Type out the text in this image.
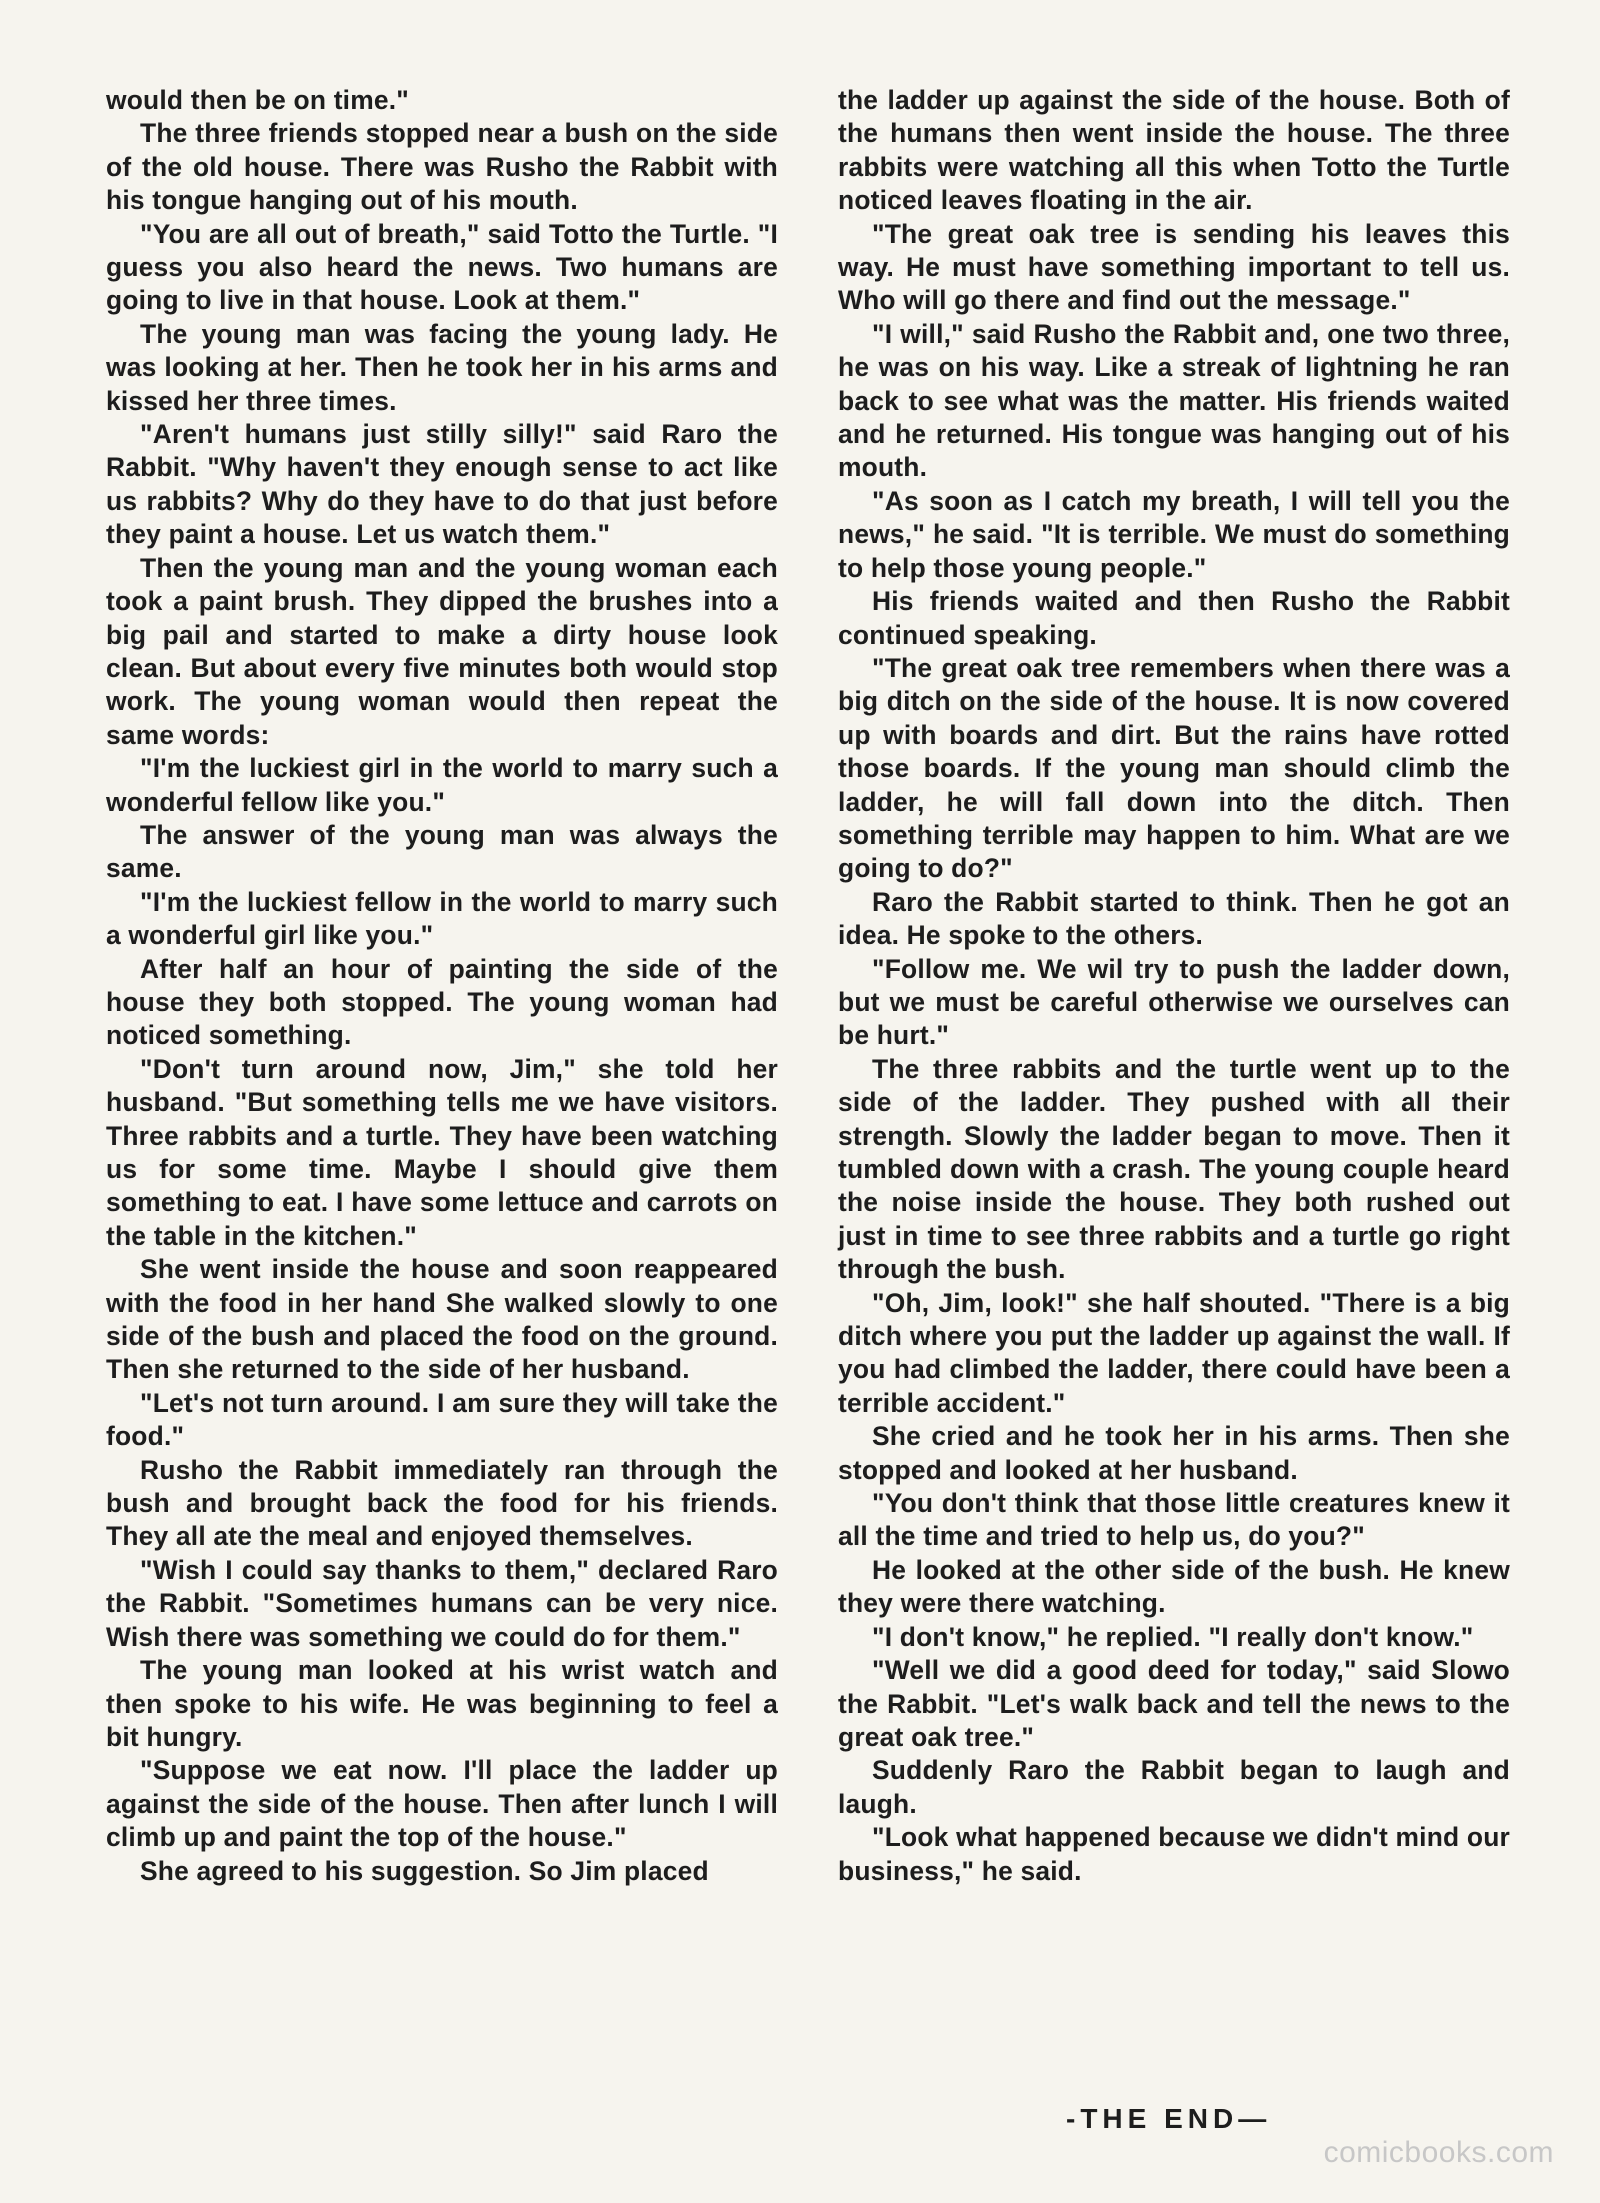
would then be on time."

The three friends stopped near a bush on the side of the old house. There was Rusho the Rabbit with his tongue hanging out of his mouth.

"You are all out of breath," said Totto the Turtle. "I guess you also heard the news. Two humans are going to live in that house. Look at them."

The young man was facing the young lady. He was looking at her. Then he took her in his arms and kissed her three times.

"Aren't humans just stilly silly!" said Raro the Rabbit. "Why haven't they enough sense to act like us rabbits? Why do they have to do that just before they paint a house. Let us watch them."

Then the young man and the young woman each took a paint brush. They dipped the brushes into a big pail and started to make a dirty house look clean. But about every five minutes both would stop work. The young woman would then repeat the same words:

"I'm the luckiest girl in the world to marry such a wonderful fellow like you."

The answer of the young man was always the same.

"I'm the luckiest fellow in the world to marry such a wonderful girl like you."

After half an hour of painting the side of the house they both stopped. The young woman had noticed something.

"Don't turn around now, Jim," she told her husband. "But something tells me we have visitors. Three rabbits and a turtle. They have been watching us for some time. Maybe I should give them something to eat. I have some lettuce and carrots on the table in the kitchen."

She went inside the house and soon reappeared with the food in her hand She walked slowly to one side of the bush and placed the food on the ground. Then she returned to the side of her husband.

"Let's not turn around. I am sure they will take the food."

Rusho the Rabbit immediately ran through the bush and brought back the food for his friends. They all ate the meal and enjoyed themselves.

"Wish I could say thanks to them," declared Raro the Rabbit. "Sometimes humans can be very nice. Wish there was something we could do for them."

The young man looked at his wrist watch and then spoke to his wife. He was beginning to feel a bit hungry.

"Suppose we eat now. I'll place the ladder up against the side of the house. Then after lunch I will climb up and paint the top of the house."

She agreed to his suggestion. So Jim placed

the ladder up against the side of the house. Both of the humans then went inside the house. The three rabbits were watching all this when Totto the Turtle noticed leaves floating in the air.

"The great oak tree is sending his leaves this way. He must have something important to tell us. Who will go there and find out the message."

"I will," said Rusho the Rabbit and, one two three, he was on his way. Like a streak of lightning he ran back to see what was the matter. His friends waited and he returned. His tongue was hanging out of his mouth.

"As soon as I catch my breath, I will tell you the news," he said. "It is terrible. We must do something to help those young people."

His friends waited and then Rusho the Rabbit continued speaking.

"The great oak tree remembers when there was a big ditch on the side of the house. It is now covered up with boards and dirt. But the rains have rotted those boards. If the young man should climb the ladder, he will fall down into the ditch. Then something terrible may happen to him. What are we going to do?"

Raro the Rabbit started to think. Then he got an idea. He spoke to the others.

"Follow me. We wil try to push the ladder down, but we must be careful otherwise we ourselves can be hurt."

The three rabbits and the turtle went up to the side of the ladder. They pushed with all their strength. Slowly the ladder began to move. Then it tumbled down with a crash. The young couple heard the noise inside the house. They both rushed out just in time to see three rabbits and a turtle go right through the bush.

"Oh, Jim, look!" she half shouted. "There is a big ditch where you put the ladder up against the wall. If you had climbed the ladder, there could have been a terrible accident."

She cried and he took her in his arms. Then she stopped and looked at her husband.

"You don't think that those little creatures knew it all the time and tried to help us, do you?"

He looked at the other side of the bush. He knew they were there watching.

"I don't know," he replied. "I really don't know."

"Well we did a good deed for today," said Slowo the Rabbit. "Let's walk back and tell the news to the great oak tree."

Suddenly Raro the Rabbit began to laugh and laugh.

"Look what happened because we didn't mind our business," he said.

-THE END—
comicbooks.com
